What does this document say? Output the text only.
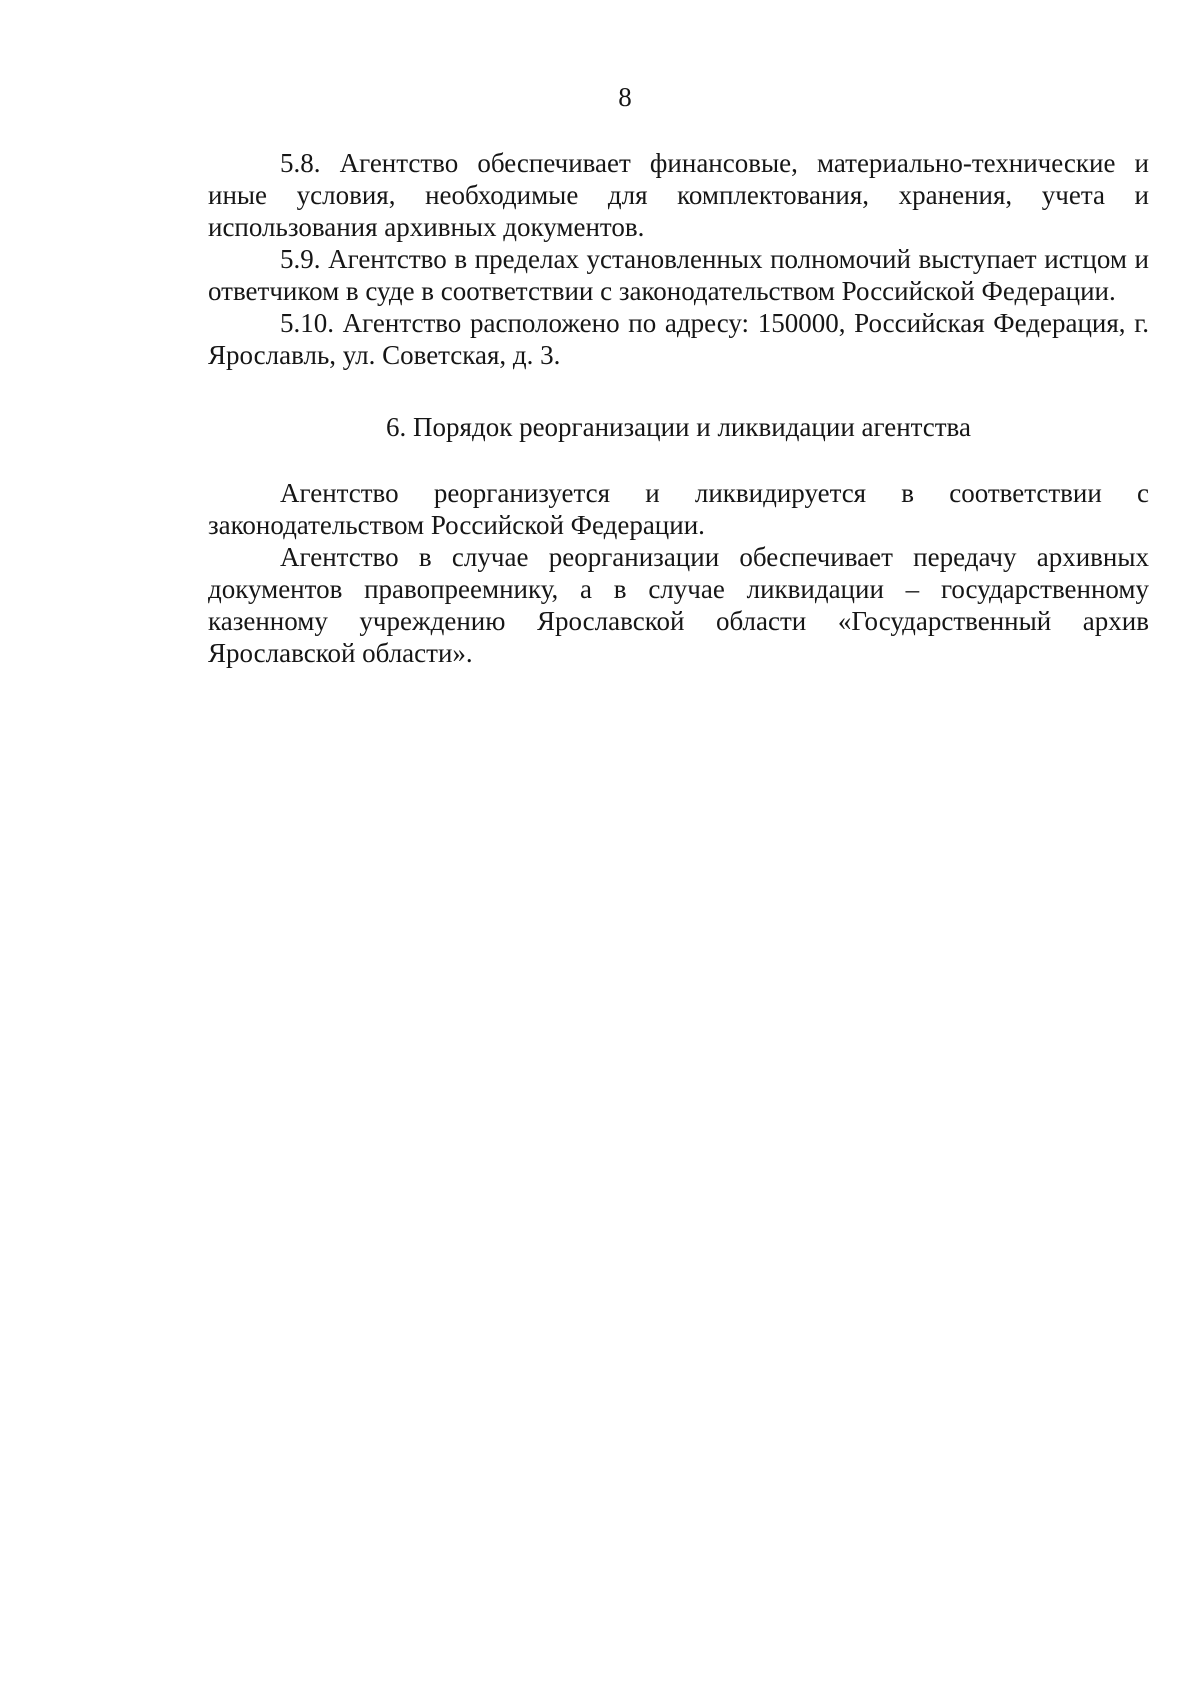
8

5.8. Агентство обеспечивает финансовые, материально-технические и иные условия, необходимые для комплектования, хранения, учета и использования архивных документов.

5.9. Агентство в пределах установленных полномочий выступает истцом и ответчиком в суде в соответствии с законодательством Российской Федерации.

5.10. Агентство расположено по адресу: 150000, Российская Федерация, г. Ярославль, ул. Советская, д. 3.

6. Порядок реорганизации и ликвидации агентства

Агентство реорганизуется и ликвидируется в соответствии с законодательством Российской Федерации.

Агентство в случае реорганизации обеспечивает передачу архивных документов правопреемнику, а в случае ликвидации – государственному казенному учреждению Ярославской области «Государственный архив Ярославской области».
